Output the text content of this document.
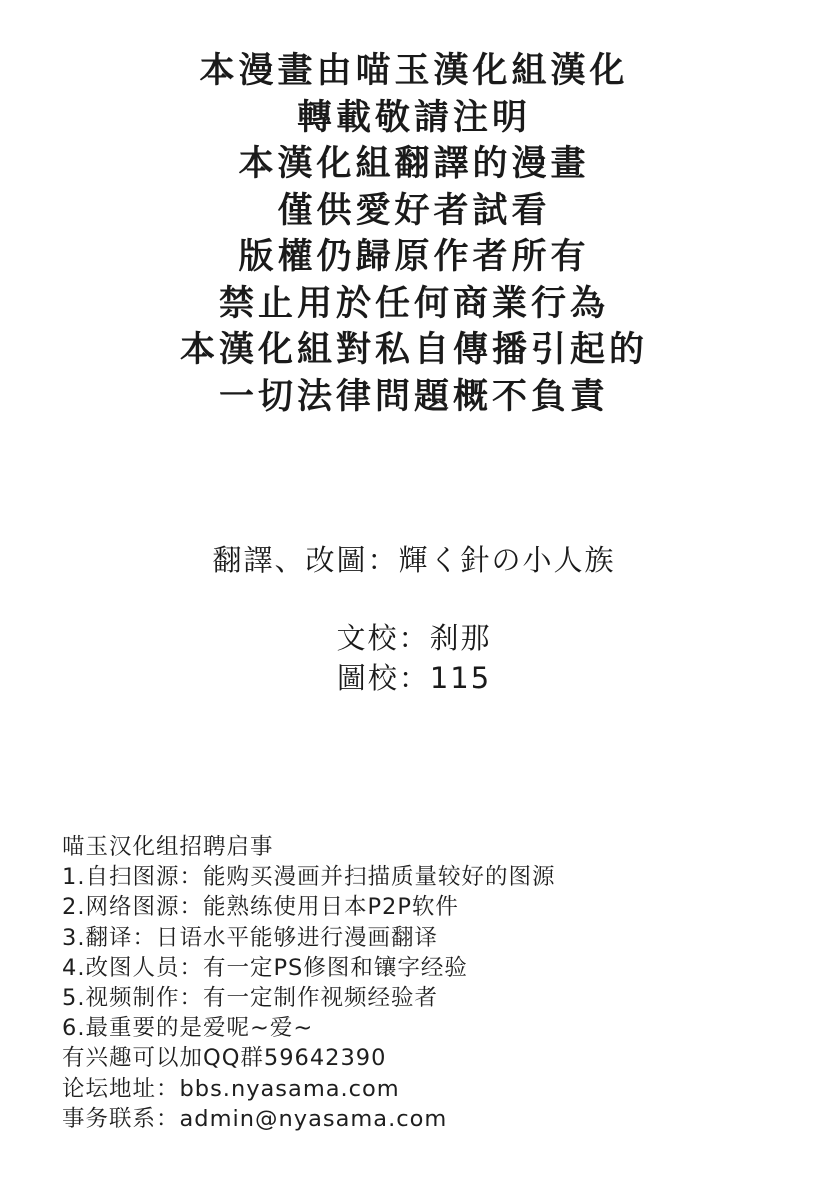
本漫畫由喵玉漢化組漢化
轉載敬請注明
本漢化組翻譯的漫畫
僅供愛好者試看
版權仍歸原作者所有
禁止用於任何商業行為
本漢化組對私自傳播引起的
一切法律問題概不負責
翻譯、改圖：輝く針の小人族
文校：刹那
圖校：115
喵玉汉化组招聘启事
1.自扫图源：能购买漫画并扫描质量较好的图源
2.网络图源：能熟练使用日本P2P软件
3.翻译：日语水平能够进行漫画翻译
4.改图人员：有一定PS修图和镶字经验
5.视频制作：有一定制作视频经验者
6.最重要的是爱呢~爱~
有兴趣可以加QQ群59642390
论坛地址：bbs.nyasama.com
事务联系：admin@nyasama.com
